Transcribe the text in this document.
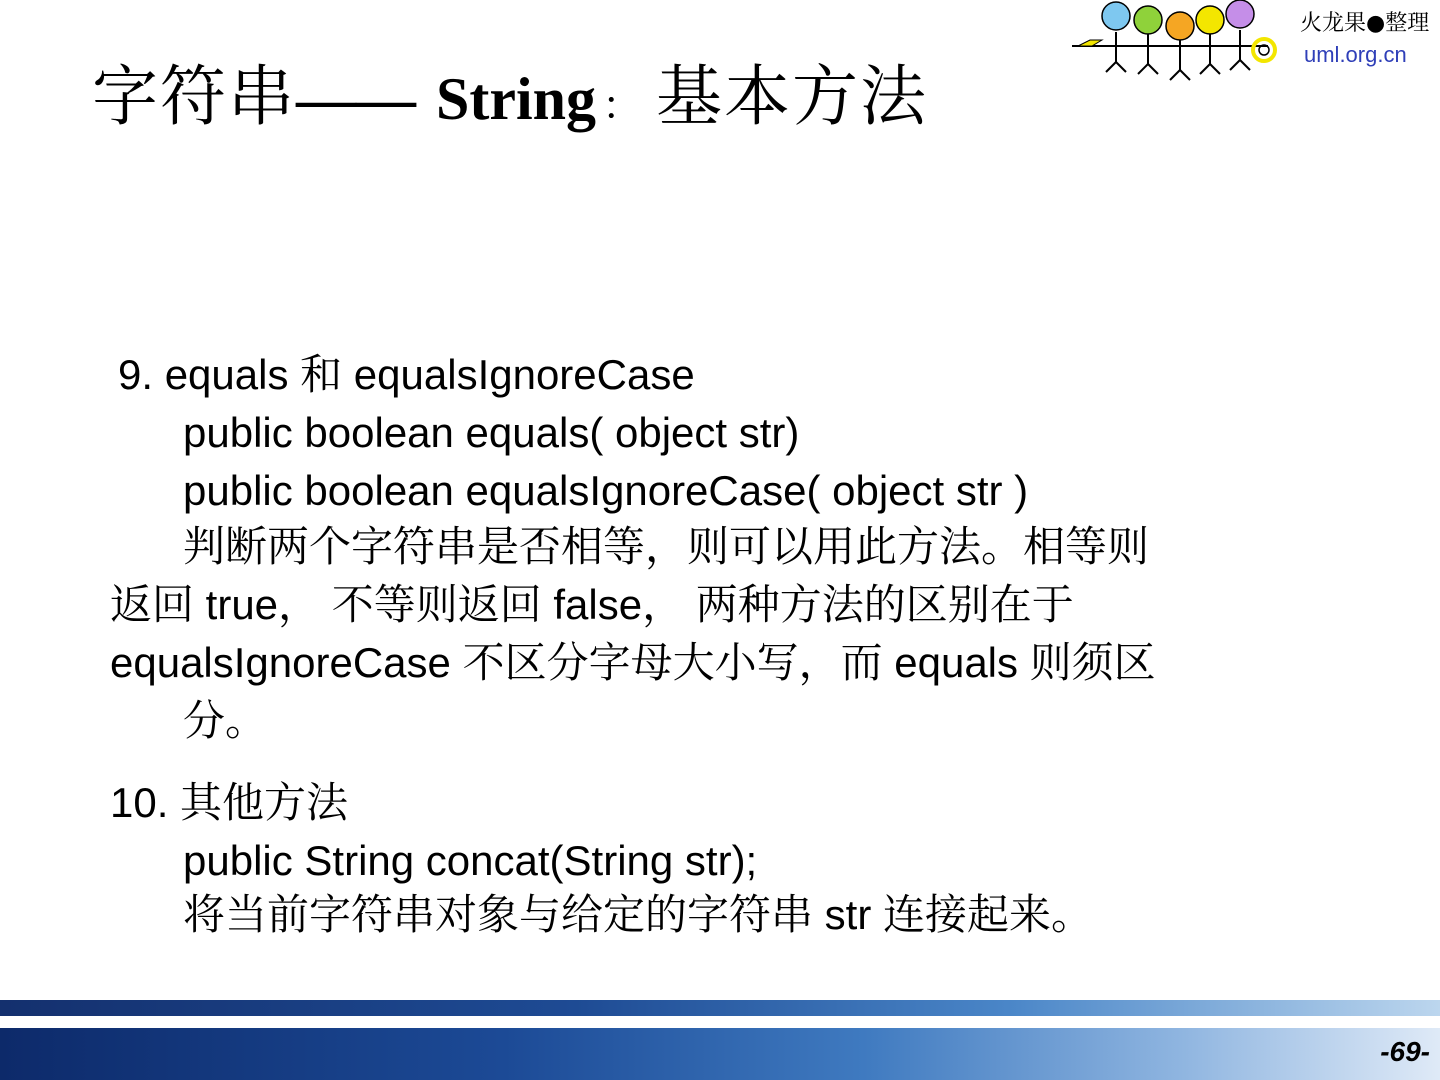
字符串—— String ： 基本方法
火龙果●整理
uml.org.cn
9. equals 和 equalsIgnoreCase
public boolean equals( object str)
public boolean equalsIgnoreCase( object str )
判断两个字符串是否相等，则可以用此方法。相等则
返回 true， 不等则返回 false， 两种方法的区别在于
equalsIgnoreCase 不区分字母大小写，而 equals 则须区
分。
10. 其他方法
public String concat(String str);
将当前字符串对象与给定的字符串 str 连接起来。
-69-
